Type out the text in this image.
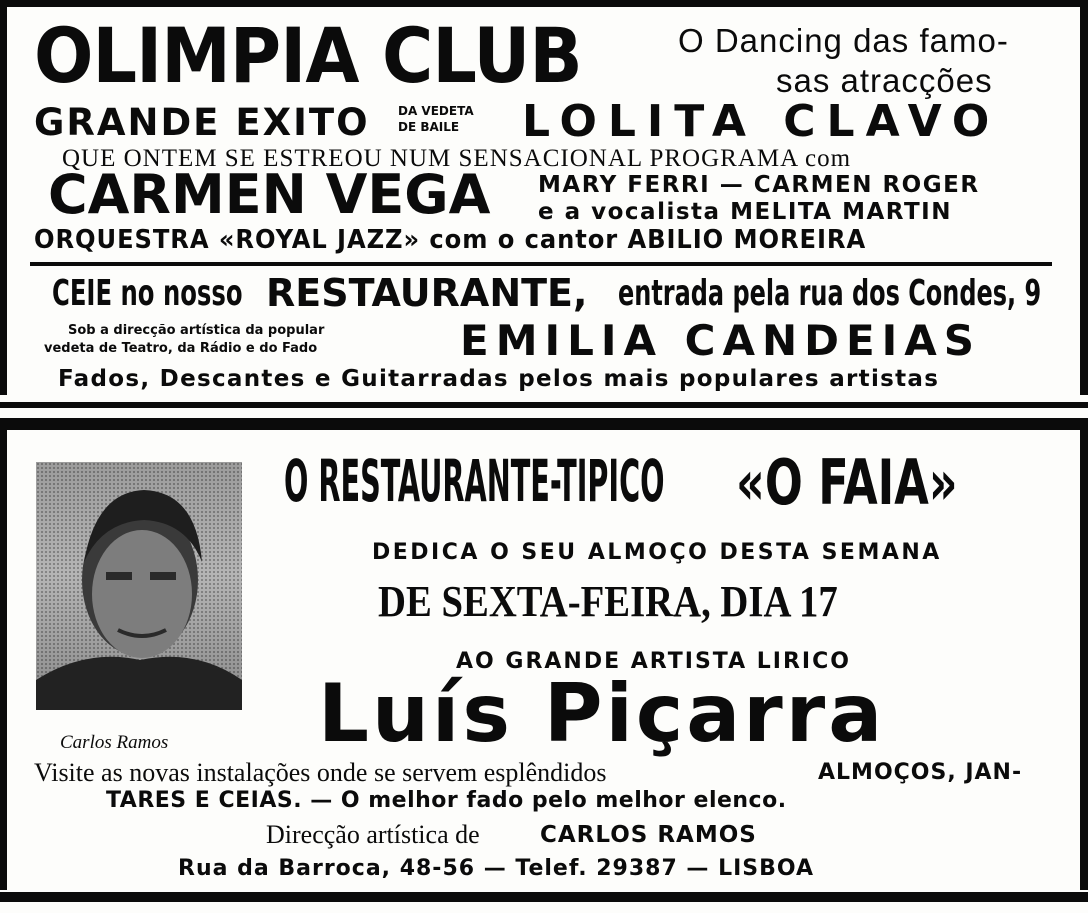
OLIMPIA CLUB	O Dancing das famo-
sas atracções
GRANDE EXITO DA VEDETA
DE BAILE LOLITA CLAVO
QUE ONTEM SE ESTREOU NUM SENSACIONAL PROGRAMA com
CARMEN VEGA MARY FERRI — CARMEN ROGER
e a vocalista MELITA MARTIN
ORQUESTRA «ROYAL JAZZ» com o cantor ABILIO MOREIRA
CEIE no nosso RESTAURANTE, entrada pela rua dos Condes, 9
Sob a direcção artística da popular
vedeta de Teatro, da Rádio e do Fado	EMILIA CANDEIAS
Fados, Descantes e Guitarradas pelos mais populares artistas
Carlos Ramos
O RESTAURANTE-TIPICO «O FAIA»
DEDICA O SEU ALMOÇO DESTA SEMANA
DE SEXTA-FEIRA, DIA 17
AO GRANDE ARTISTA LIRICO
Luís Piçarra
Visite as novas instalações onde se servem esplêndidos	ALMOÇOS, JAN-
TARES E CEIAS. — O melhor fado pelo melhor elenco.
Direcção artística de	CARLOS RAMOS
Rua da Barroca, 48-56 — Telef. 29387 — LISBOA
